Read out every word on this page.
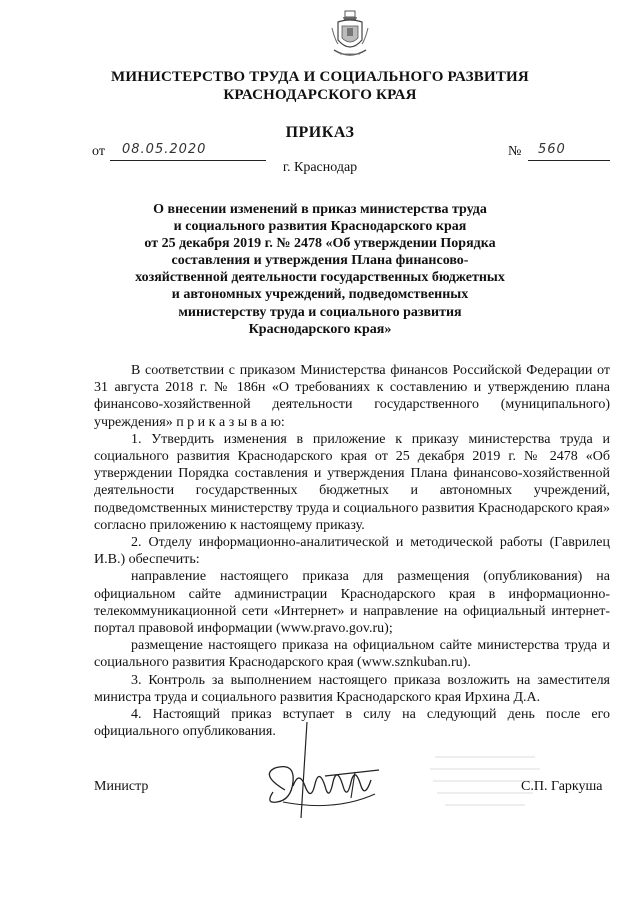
МИНИСТЕРСТВО ТРУДА И СОЦИАЛЬНОГО РАЗВИТИЯ
КРАСНОДАРСКОГО КРАЯ
ПРИКАЗ
от 08.05.2020	№ 560
г. Краснодар
О внесении изменений в приказ министерства труда
и социального развития Краснодарского края
от 25 декабря 2019 г. № 2478 «Об утверждении Порядка
составления и утверждения Плана финансово-
хозяйственной деятельности государственных бюджетных
и автономных учреждений, подведомственных
министерству труда и социального развития
Краснодарского края»

В соответствии с приказом Министерства финансов Российской Федерации от 31 августа 2018 г. № 186н «О требованиях к составлению и утверждению плана финансово-хозяйственной деятельности государственного (муниципального) учреждения» п р и к а з ы в а ю:

1. Утвердить изменения в приложение к приказу министерства труда и социального развития Краснодарского края от 25 декабря 2019 г. № 2478 «Об утверждении Порядка составления и утверждения Плана финансово-хозяйственной деятельности государственных бюджетных и автономных учреждений, подведомственных министерству труда и социального развития Краснодарского края» согласно приложению к настоящему приказу.

2. Отделу информационно-аналитической и методической работы (Гаврилец И.В.) обеспечить:

направление настоящего приказа для размещения (опубликования) на официальном сайте администрации Краснодарского края в информационно-телекоммуникационной сети «Интернет» и направление на официальный интернет-портал правовой информации (www.pravo.gov.ru);

размещение настоящего приказа на официальном сайте министерства труда и социального развития Краснодарского края (www.sznkuban.ru).

3. Контроль за выполнением настоящего приказа возложить на заместителя министра труда и социального развития Краснодарского края Ирхина Д.А.

4. Настоящий приказ вступает в силу на следующий день после его официального опубликования.

Министр	С.П. Гаркуша
